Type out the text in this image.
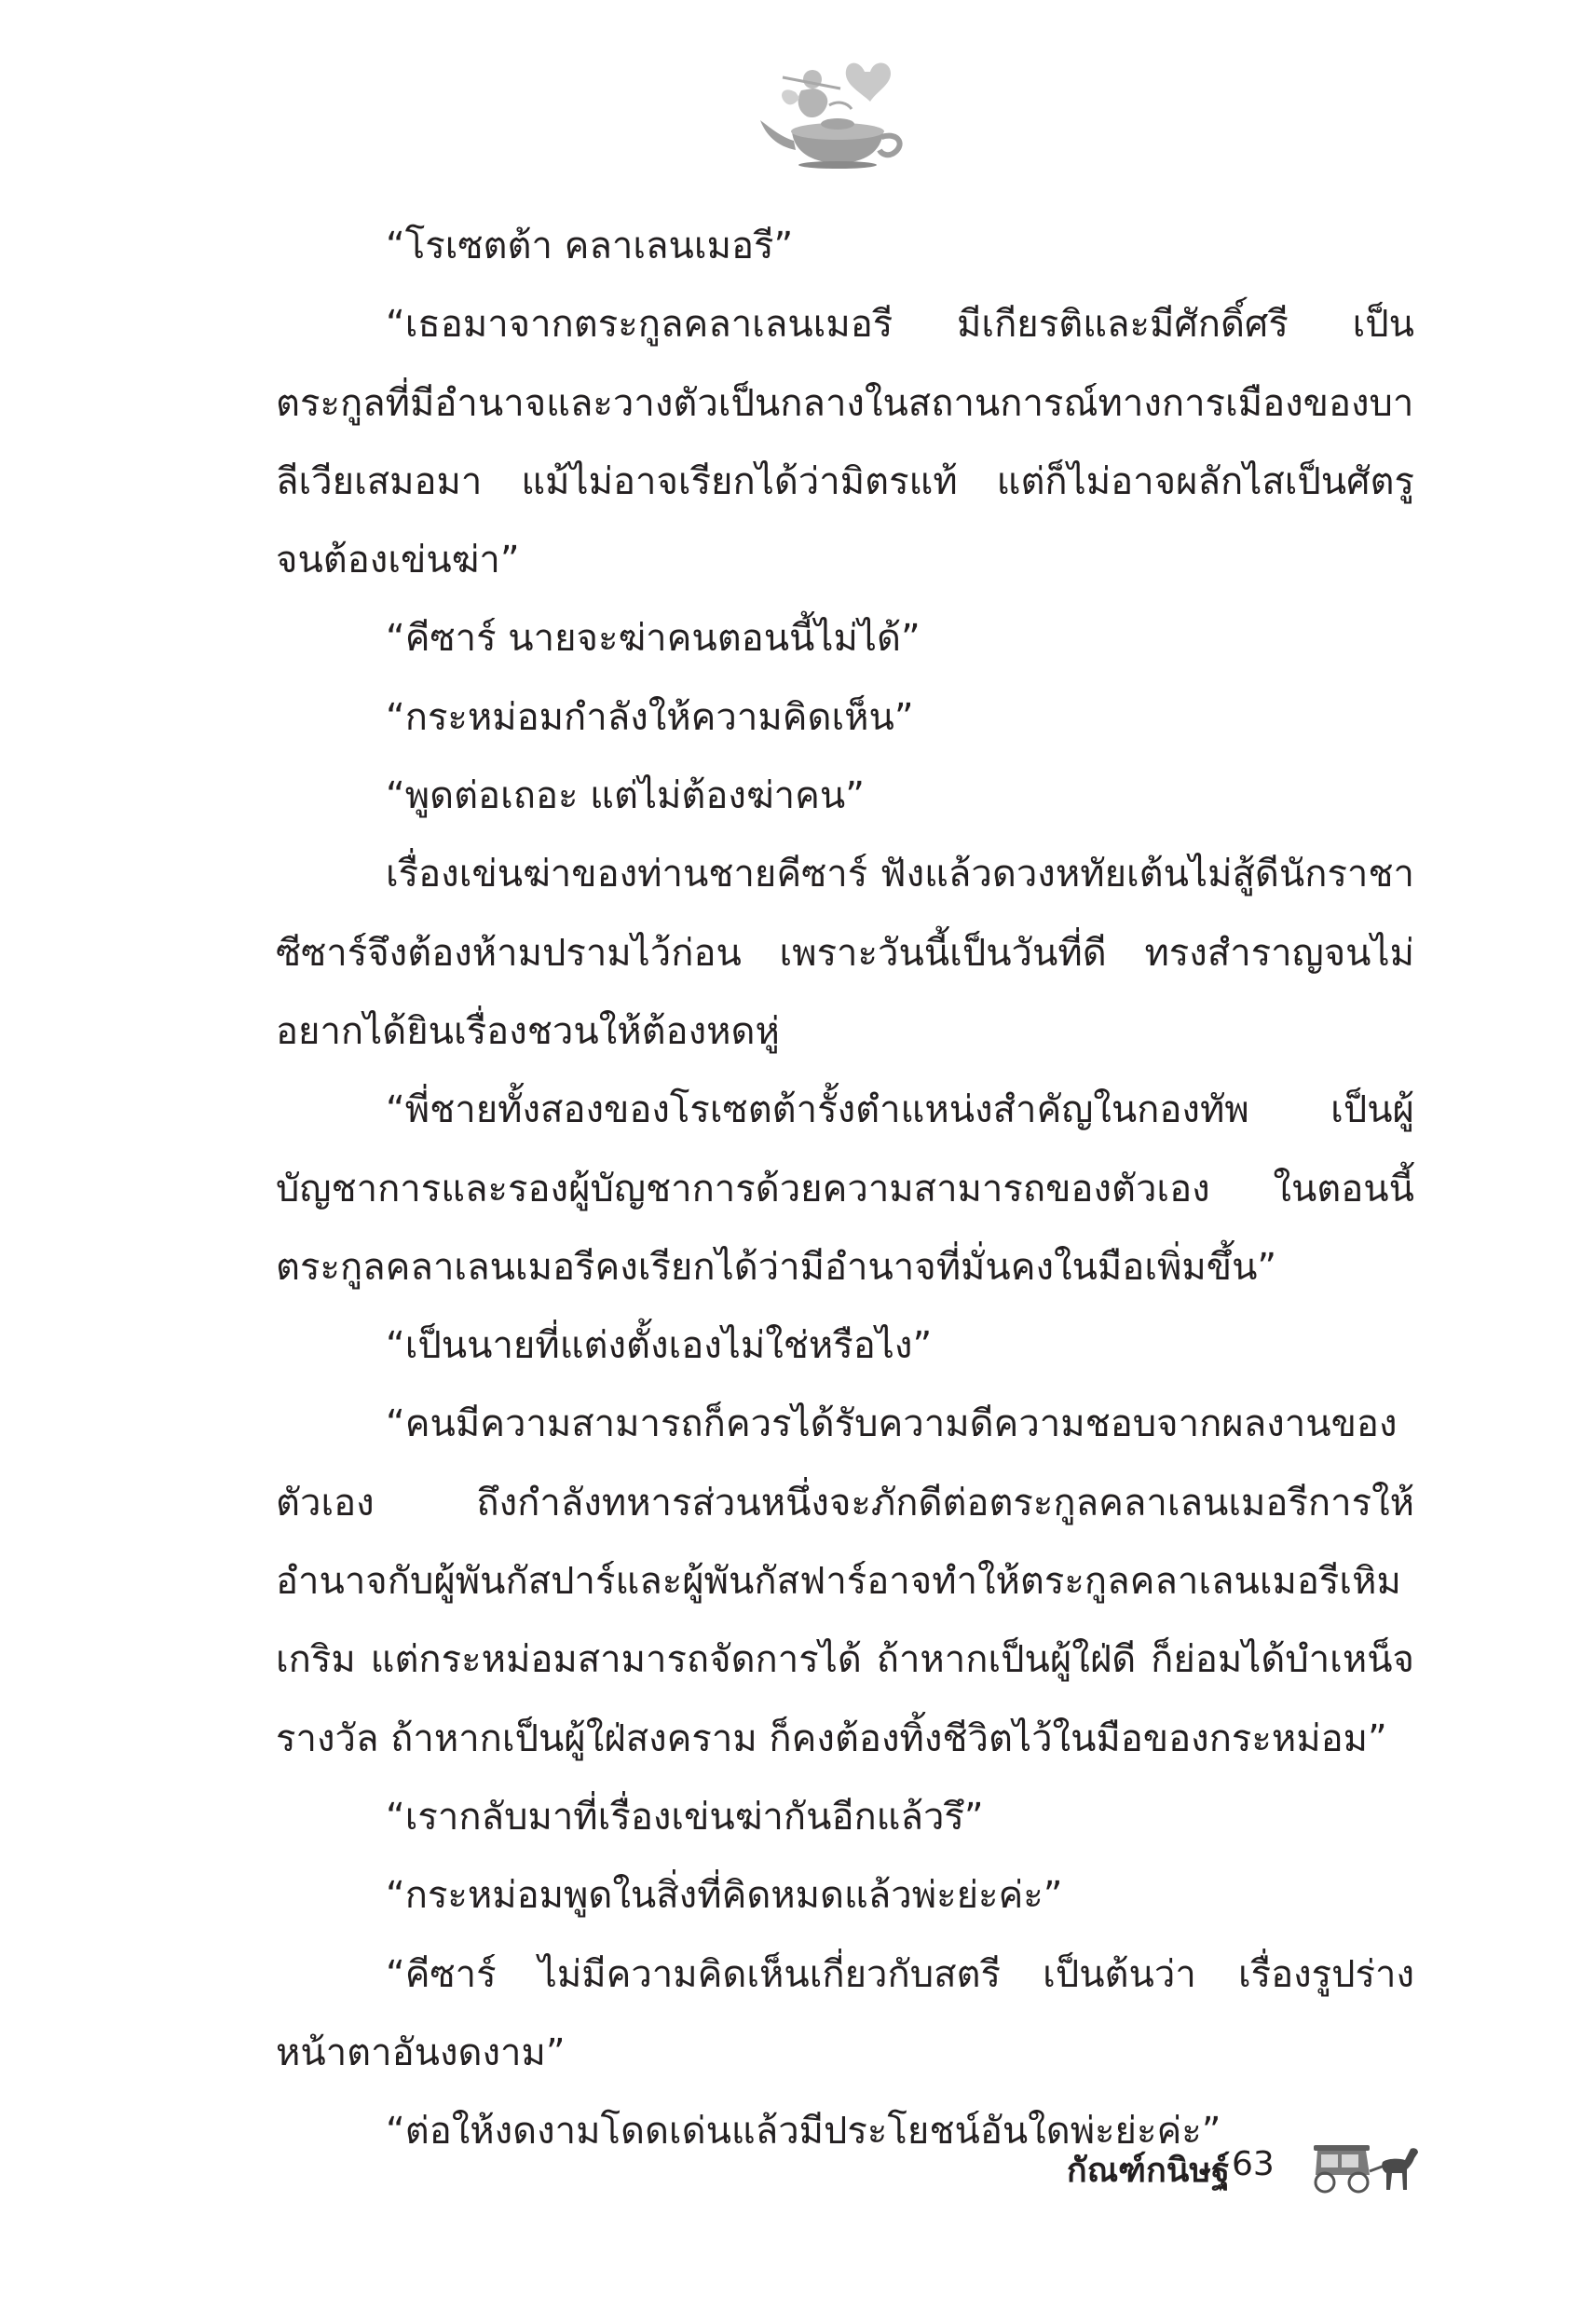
“โรเซตต้า คลาเลนเมอรี”

“เธอมาจากตระกูลคลาเลนเมอรี มีเกียรติและมีศักดิ์ศรี เป็นตระกูลที่มีอำนาจและวางตัวเป็นกลางในสถานการณ์ทางการเมืองของบาลีเวียเสมอมา แม้ไม่อาจเรียกได้ว่ามิตรแท้ แต่ก็ไม่อาจผลักไสเป็นศัตรู จนต้องเข่นฆ่า”

“คีซาร์ นายจะฆ่าคนตอนนี้ไม่ได้”

“กระหม่อมกำลังให้ความคิดเห็น”

“พูดต่อเถอะ แต่ไม่ต้องฆ่าคน”

เรื่องเข่นฆ่าของท่านชายคีซาร์ ฟังแล้วดวงหทัยเต้นไม่สู้ดีนักราชาซีซาร์จึงต้องห้ามปรามไว้ก่อน เพราะวันนี้เป็นวันที่ดี ทรงสำราญจนไม่อยากได้ยินเรื่องชวนให้ต้องหดหู่

“พี่ชายทั้งสองของโรเซตต้ารั้งตำแหน่งสำคัญในกองทัพ เป็นผู้บัญชาการและรองผู้บัญชาการด้วยความสามารถของตัวเอง ในตอนนี้ตระกูลคลาเลนเมอรีคงเรียกได้ว่ามีอำนาจที่มั่นคงในมือเพิ่มขึ้น”

“เป็นนายที่แต่งตั้งเองไม่ใช่หรือไง”

“คนมีความสามารถก็ควรได้รับความดีความชอบจากผลงานของตัวเอง ถึงกำลังทหารส่วนหนึ่งจะภักดีต่อตระกูลคลาเลนเมอรีการให้อำนาจกับผู้พันกัสปาร์และผู้พันกัสฟาร์อาจทำให้ตระกูลคลาเลนเมอรีเหิมเกริม แต่กระหม่อมสามารถจัดการได้ ถ้าหากเป็นผู้ใฝ่ดี ก็ย่อมได้บำเหน็จรางวัล ถ้าหากเป็นผู้ใฝ่สงคราม ก็คงต้องทิ้งชีวิตไว้ในมือของกระหม่อม”

“เรากลับมาที่เรื่องเข่นฆ่ากันอีกแล้วรึ”

“กระหม่อมพูดในสิ่งที่คิดหมดแล้วพ่ะย่ะค่ะ”

“คีซาร์ ไม่มีความคิดเห็นเกี่ยวกับสตรี เป็นต้นว่า เรื่องรูปร่างหน้าตาอันงดงาม”

“ต่อให้งดงามโดดเด่นแล้วมีประโยชน์อันใดพ่ะย่ะค่ะ”

กัณฑ์กนิษฐ์ 63
